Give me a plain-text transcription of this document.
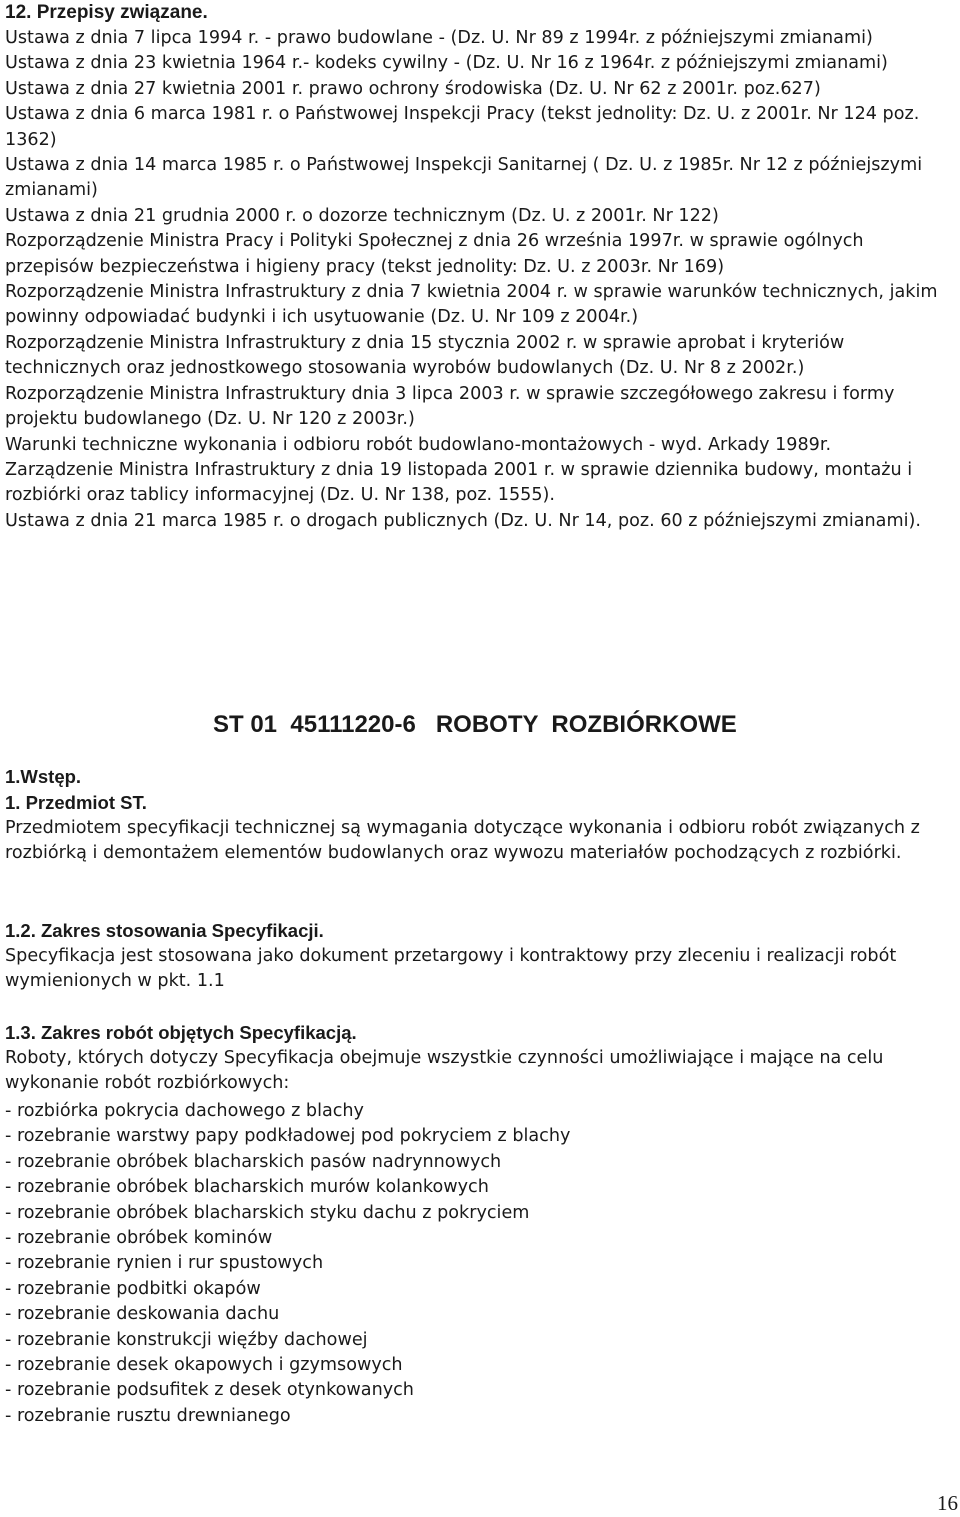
12. Przepisy związane.

Ustawa z dnia 7 lipca 1994 r. - prawo budowlane - (Dz. U. Nr 89 z 1994r. z późniejszymi zmianami)

Ustawa z dnia 23 kwietnia 1964 r.- kodeks cywilny - (Dz. U. Nr 16 z 1964r. z późniejszymi zmianami)

Ustawa z dnia 27 kwietnia 2001 r. prawo ochrony środowiska (Dz. U. Nr 62 z 2001r. poz.627)

Ustawa z dnia 6 marca 1981 r. o Państwowej Inspekcji Pracy (tekst jednolity: Dz. U. z 2001r. Nr 124 poz. 1362)

Ustawa z dnia 14 marca 1985 r. o Państwowej Inspekcji Sanitarnej ( Dz. U. z 1985r. Nr 12 z późniejszymi zmianami)

Ustawa z dnia 21 grudnia 2000 r. o dozorze technicznym (Dz. U. z 2001r. Nr 122)

Rozporządzenie Ministra Pracy i Polityki Społecznej z dnia 26 września 1997r. w sprawie ogólnych przepisów bezpieczeństwa i higieny pracy (tekst jednolity: Dz. U. z 2003r. Nr 169)

Rozporządzenie Ministra Infrastruktury z dnia 7 kwietnia 2004 r. w sprawie warunków technicznych, jakim powinny odpowiadać budynki i ich usytuowanie (Dz. U. Nr 109 z 2004r.)

Rozporządzenie Ministra Infrastruktury z dnia 15 stycznia 2002 r. w sprawie aprobat i kryteriów technicznych oraz jednostkowego stosowania wyrobów budowlanych (Dz. U. Nr 8 z 2002r.)

Rozporządzenie Ministra Infrastruktury dnia 3 lipca 2003 r. w sprawie szczegółowego zakresu i formy projektu budowlanego (Dz. U. Nr 120 z 2003r.)

Warunki techniczne wykonania i odbioru robót budowlano-montażowych - wyd. Arkady 1989r.

Zarządzenie Ministra Infrastruktury z dnia 19 listopada 2001 r. w sprawie dziennika budowy, montażu i rozbiórki oraz tablicy informacyjnej (Dz. U. Nr 138, poz. 1555).

Ustawa z dnia 21 marca 1985 r. o drogach publicznych (Dz. U. Nr 14, poz. 60 z późniejszymi zmianami).

ST 01  45111220-6   ROBOTY  ROZBIÓRKOWE
1.Wstęp.
1. Przedmiot ST.

Przedmiotem specyfikacji technicznej są wymagania dotyczące wykonania i odbioru robót związanych z rozbiórką i demontażem elementów budowlanych oraz wywozu materiałów pochodzących z rozbiórki.

1.2. Zakres stosowania Specyfikacji.

Specyfikacja jest stosowana jako dokument przetargowy i kontraktowy przy zleceniu i realizacji robót wymienionych w pkt. 1.1

1.3. Zakres robót objętych Specyfikacją.

Roboty, których dotyczy Specyfikacja obejmuje wszystkie czynności umożliwiające i mające na celu wykonanie robót rozbiórkowych:

- rozbiórka pokrycia dachowego z blachy
- rozebranie warstwy papy podkładowej pod pokryciem z blachy
- rozebranie obróbek blacharskich pasów nadrynnowych
- rozebranie obróbek blacharskich murów kolankowych
- rozebranie obróbek blacharskich styku dachu z pokryciem
- rozebranie obróbek kominów
- rozebranie rynien i rur spustowych
- rozebranie podbitki okapów
- rozebranie deskowania dachu
- rozebranie konstrukcji więźby dachowej
- rozebranie desek okapowych i gzymsowych
- rozebranie podsufitek z desek otynkowanych
- rozebranie rusztu drewnianego
16
